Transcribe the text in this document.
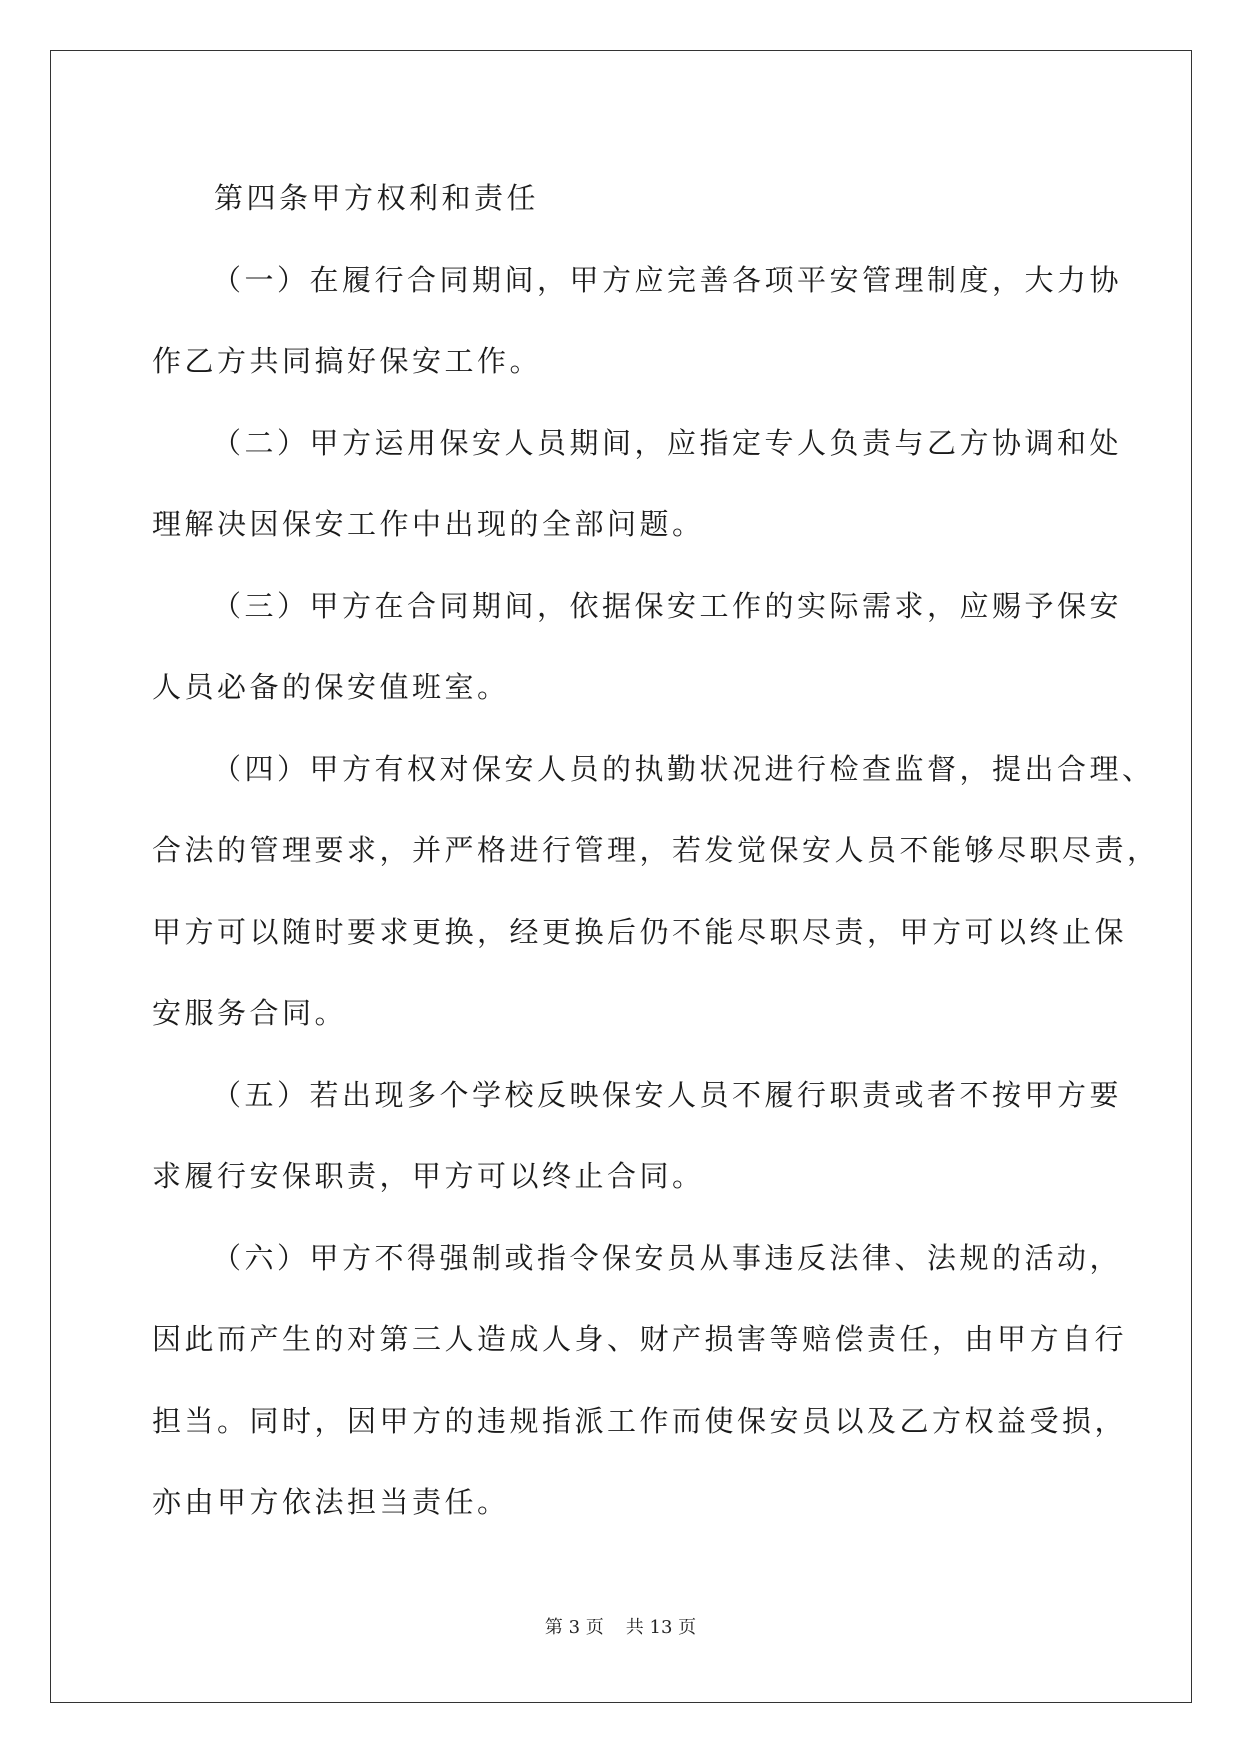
第四条甲方权利和责任

（一）在履行合同期间，甲方应完善各项平安管理制度，大力协
作乙方共同搞好保安工作。

（二）甲方运用保安人员期间，应指定专人负责与乙方协调和处
理解决因保安工作中出现的全部问题。

（三）甲方在合同期间，依据保安工作的实际需求，应赐予保安
人员必备的保安值班室。

（四）甲方有权对保安人员的执勤状况进行检查监督，提出合理、
合法的管理要求，并严格进行管理，若发觉保安人员不能够尽职尽责，
甲方可以随时要求更换，经更换后仍不能尽职尽责，甲方可以终止保
安服务合同。

（五）若出现多个学校反映保安人员不履行职责或者不按甲方要
求履行安保职责，甲方可以终止合同。

（六）甲方不得强制或指令保安员从事违反法律、法规的活动，
因此而产生的对第三人造成人身、财产损害等赔偿责任，由甲方自行
担当。同时，因甲方的违规指派工作而使保安员以及乙方权益受损，
亦由甲方依法担当责任。

第 3 页 共 13 页
